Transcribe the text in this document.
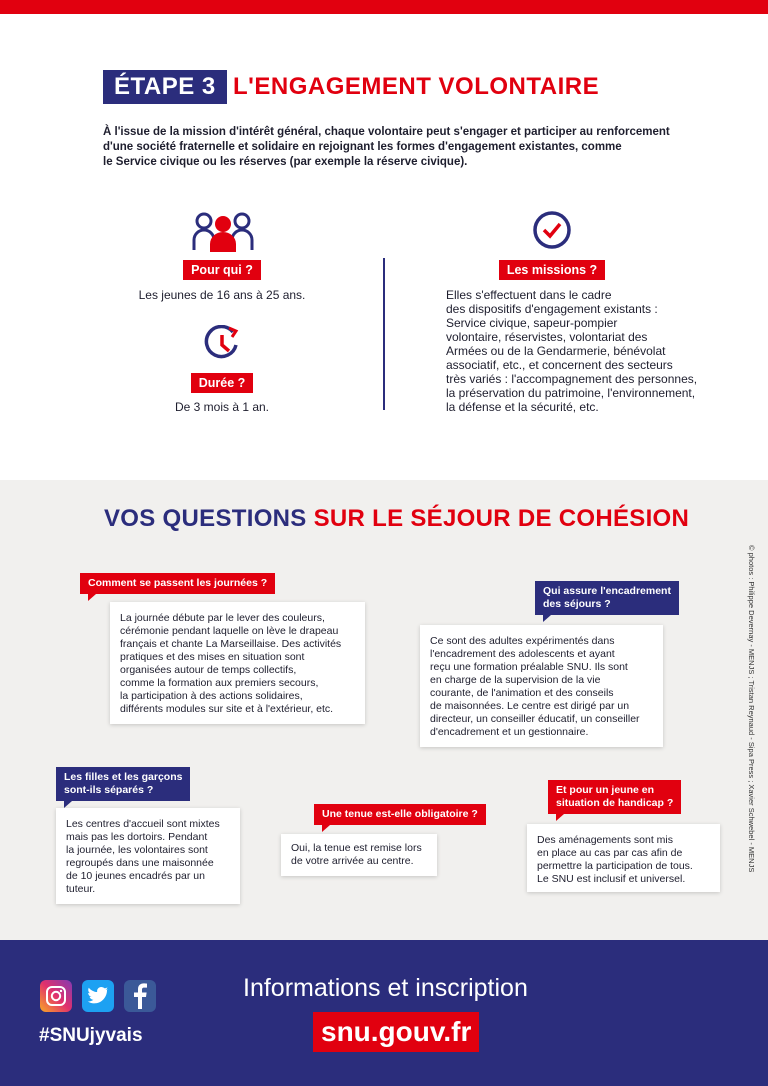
ÉTAPE 3 L'ENGAGEMENT VOLONTAIRE
À l'issue de la mission d'intérêt général, chaque volontaire peut s'engager et participer au renforcement
d'une société fraternelle et solidaire en rejoignant les formes d'engagement existantes, comme
le Service civique ou les réserves (par exemple la réserve civique).
Pour qui ?
Les jeunes de 16 ans à 25 ans.
Durée ?
De 3 mois à 1 an.
Les missions ?
Elles s'effectuent dans le cadre
des dispositifs d'engagement existants :
Service civique, sapeur-pompier
volontaire, réservistes, volontariat des
Armées ou de la Gendarmerie, bénévolat
associatif, etc., et concernent des secteurs
très variés : l'accompagnement des personnes,
la préservation du patrimoine, l'environnement,
la défense et la sécurité, etc.
VOS QUESTIONS SUR LE SÉJOUR DE COHÉSION
Comment se passent les journées ?
La journée débute par le lever des couleurs,
cérémonie pendant laquelle on lève le drapeau
français et chante La Marseillaise. Des activités
pratiques et des mises en situation sont
organisées autour de temps collectifs,
comme la formation aux premiers secours,
la participation à des actions solidaires,
différents modules sur site et à l'extérieur, etc.
Qui assure l'encadrement
des séjours ?
Ce sont des adultes expérimentés dans
l'encadrement des adolescents et ayant
reçu une formation préalable SNU. Ils sont
en charge de la supervision de la vie
courante, de l'animation et des conseils
de maisonnées. Le centre est dirigé par un
directeur, un conseiller éducatif, un conseiller
d'encadrement et un gestionnaire.
Les filles et les garçons
sont-ils séparés ?
Les centres d'accueil sont mixtes
mais pas les dortoirs. Pendant
la journée, les volontaires sont
regroupés dans une maisonnée
de 10 jeunes encadrés par un
tuteur.
Une tenue est-elle obligatoire ?
Oui, la tenue est remise lors
de votre arrivée au centre.
Et pour un jeune en
situation de handicap ?
Des aménagements sont mis
en place au cas par cas afin de
permettre la participation de tous.
Le SNU est inclusif et universel.
© photos : Philippe Devernay - MENJS ; Tristan Reynaud - Sipa Press ; Xavier Schwebel - MENJS
#SNUjyvais
Informations et inscription
snu.gouv.fr
